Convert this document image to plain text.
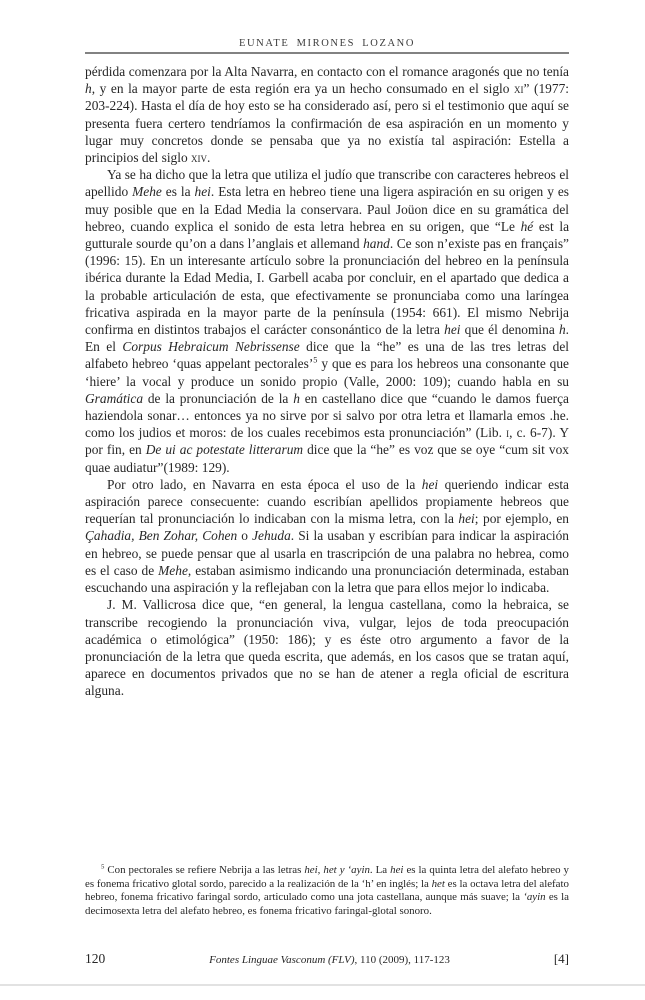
EUNATE MIRONES LOZANO

pérdida comenzara por la Alta Navarra, en contacto con el romance aragonés que no tenía h, y en la mayor parte de esta región era ya un hecho consumado en el siglo xi” (1977: 203-224). Hasta el día de hoy esto se ha considerado así, pero si el testimonio que aquí se presenta fuera certero tendríamos la confirmación de esa aspiración en un momento y lugar muy concretos donde se pensaba que ya no existía tal aspiración: Estella a principios del siglo xiv.

Ya se ha dicho que la letra que utiliza el judío que transcribe con caracteres hebreos el apellido Mehe es la hei. Esta letra en hebreo tiene una ligera aspiración en su origen y es muy posible que en la Edad Media la conservara. Paul Joüon dice en su gramática del hebreo, cuando explica el sonido de esta letra hebrea en su origen, que “Le hé est la gutturale sourde qu’on a dans l’anglais et allemand hand. Ce son n’existe pas en français” (1996: 15). En un interesante artículo sobre la pronunciación del hebreo en la península ibérica durante la Edad Media, I. Garbell acaba por concluir, en el apartado que dedica a la probable articulación de esta, que efectivamente se pronunciaba como una laríngea fricativa aspirada en la mayor parte de la península (1954: 661). El mismo Nebrija confirma en distintos trabajos el carácter consonántico de la letra hei que él denomina h. En el Corpus Hebraicum Nebrissense dice que la “he” es una de las tres letras del alfabeto hebreo ‘quas appelant pectorales’$^5$ y que es para los hebreos una consonante que ‘hiere’ la vocal y produce un sonido propio (Valle, 2000: 109); cuando habla en su Gramática de la pronunciación de la h en castellano dice que “cuando le damos fuerça haziendola sonar… entonces ya no sirve por si salvo por otra letra et llamarla emos .he. como los judios et moros: de los cuales recebimos esta pronunciación” (Lib. i, c. 6-7). Y por fin, en De ui ac potestate litterarum dice que la “he” es voz que se oye “cum sit vox quae audiatur”(1989: 129).

Por otro lado, en Navarra en esta época el uso de la hei queriendo indicar esta aspiración parece consecuente: cuando escribían apellidos propiamente hebreos que requerían tal pronunciación lo indicaban con la misma letra, con la hei; por ejemplo, en Çahadia, Ben Zohar, Cohen o Jehuda. Si la usaban y escribían para indicar la aspiración en hebreo, se puede pensar que al usarla en trascripción de una palabra no hebrea, como es el caso de Mehe, estaban asimismo indicando una pronunciación determinada, estaban escuchando una aspiración y la reflejaban con la letra que para ellos mejor lo indicaba.

J. M. Vallicrosa dice que, “en general, la lengua castellana, como la hebraica, se transcribe recogiendo la pronunciación viva, vulgar, lejos de toda preocupación académica o etimológica” (1950: 186); y es éste otro argumento a favor de la pronunciación de la letra que queda escrita, que además, en los casos que se tratan aquí, aparece en documentos privados que no se han de atener a regla oficial de escritura alguna.

$^5$ Con pectorales se refiere Nebrija a las letras hei, het y ‘ayin. La hei es la quinta letra del alefato hebreo y es fonema fricativo glotal sordo, parecido a la realización de la ‘h’ en inglés; la het es la octava letra del alefato hebreo, fonema fricativo faringal sordo, articulado como una jota castellana, aunque más suave; la ‘ayin es la decimosexta letra del alefato hebreo, es fonema fricativo faringal-glotal sonoro.
120	Fontes Linguae Vasconum (FLV), 110 (2009), 117-123	[4]
